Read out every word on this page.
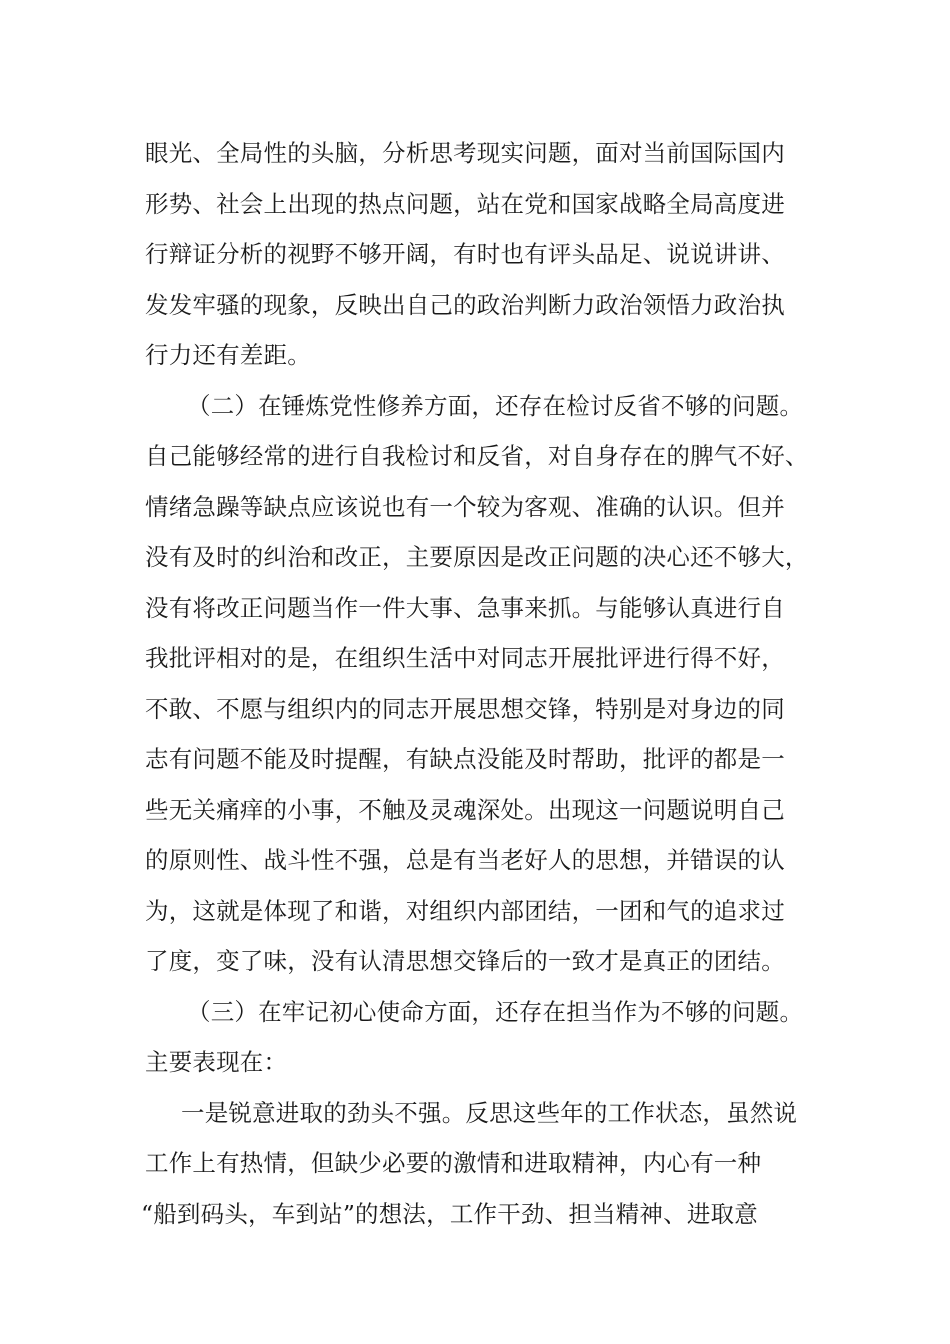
眼光、全局性的头脑，分析思考现实问题，面对当前国际国内
形势、社会上出现的热点问题，站在党和国家战略全局高度进
行辩证分析的视野不够开阔，有时也有评头品足、说说讲讲、
发发牢骚的现象，反映出自己的政治判断力政治领悟力政治执
行力还有差距。
（二）在锤炼党性修养方面，还存在检讨反省不够的问题。
自己能够经常的进行自我检讨和反省，对自身存在的脾气不好、
情绪急躁等缺点应该说也有一个较为客观、准确的认识。但并
没有及时的纠治和改正，主要原因是改正问题的决心还不够大，
没有将改正问题当作一件大事、急事来抓。与能够认真进行自
我批评相对的是，在组织生活中对同志开展批评进行得不好，
不敢、不愿与组织内的同志开展思想交锋，特别是对身边的同
志有问题不能及时提醒，有缺点没能及时帮助，批评的都是一
些无关痛痒的小事，不触及灵魂深处。出现这一问题说明自己
的原则性、战斗性不强，总是有当老好人的思想，并错误的认
为，这就是体现了和谐，对组织内部团结，一团和气的追求过
了度，变了味，没有认清思想交锋后的一致才是真正的团结。
（三）在牢记初心使命方面，还存在担当作为不够的问题。
主要表现在：
一是锐意进取的劲头不强。反思这些年的工作状态，虽然说
工作上有热情，但缺少必要的激情和进取精神，内心有一种
“船到码头，车到站”的想法，工作干劲、担当精神、进取意
